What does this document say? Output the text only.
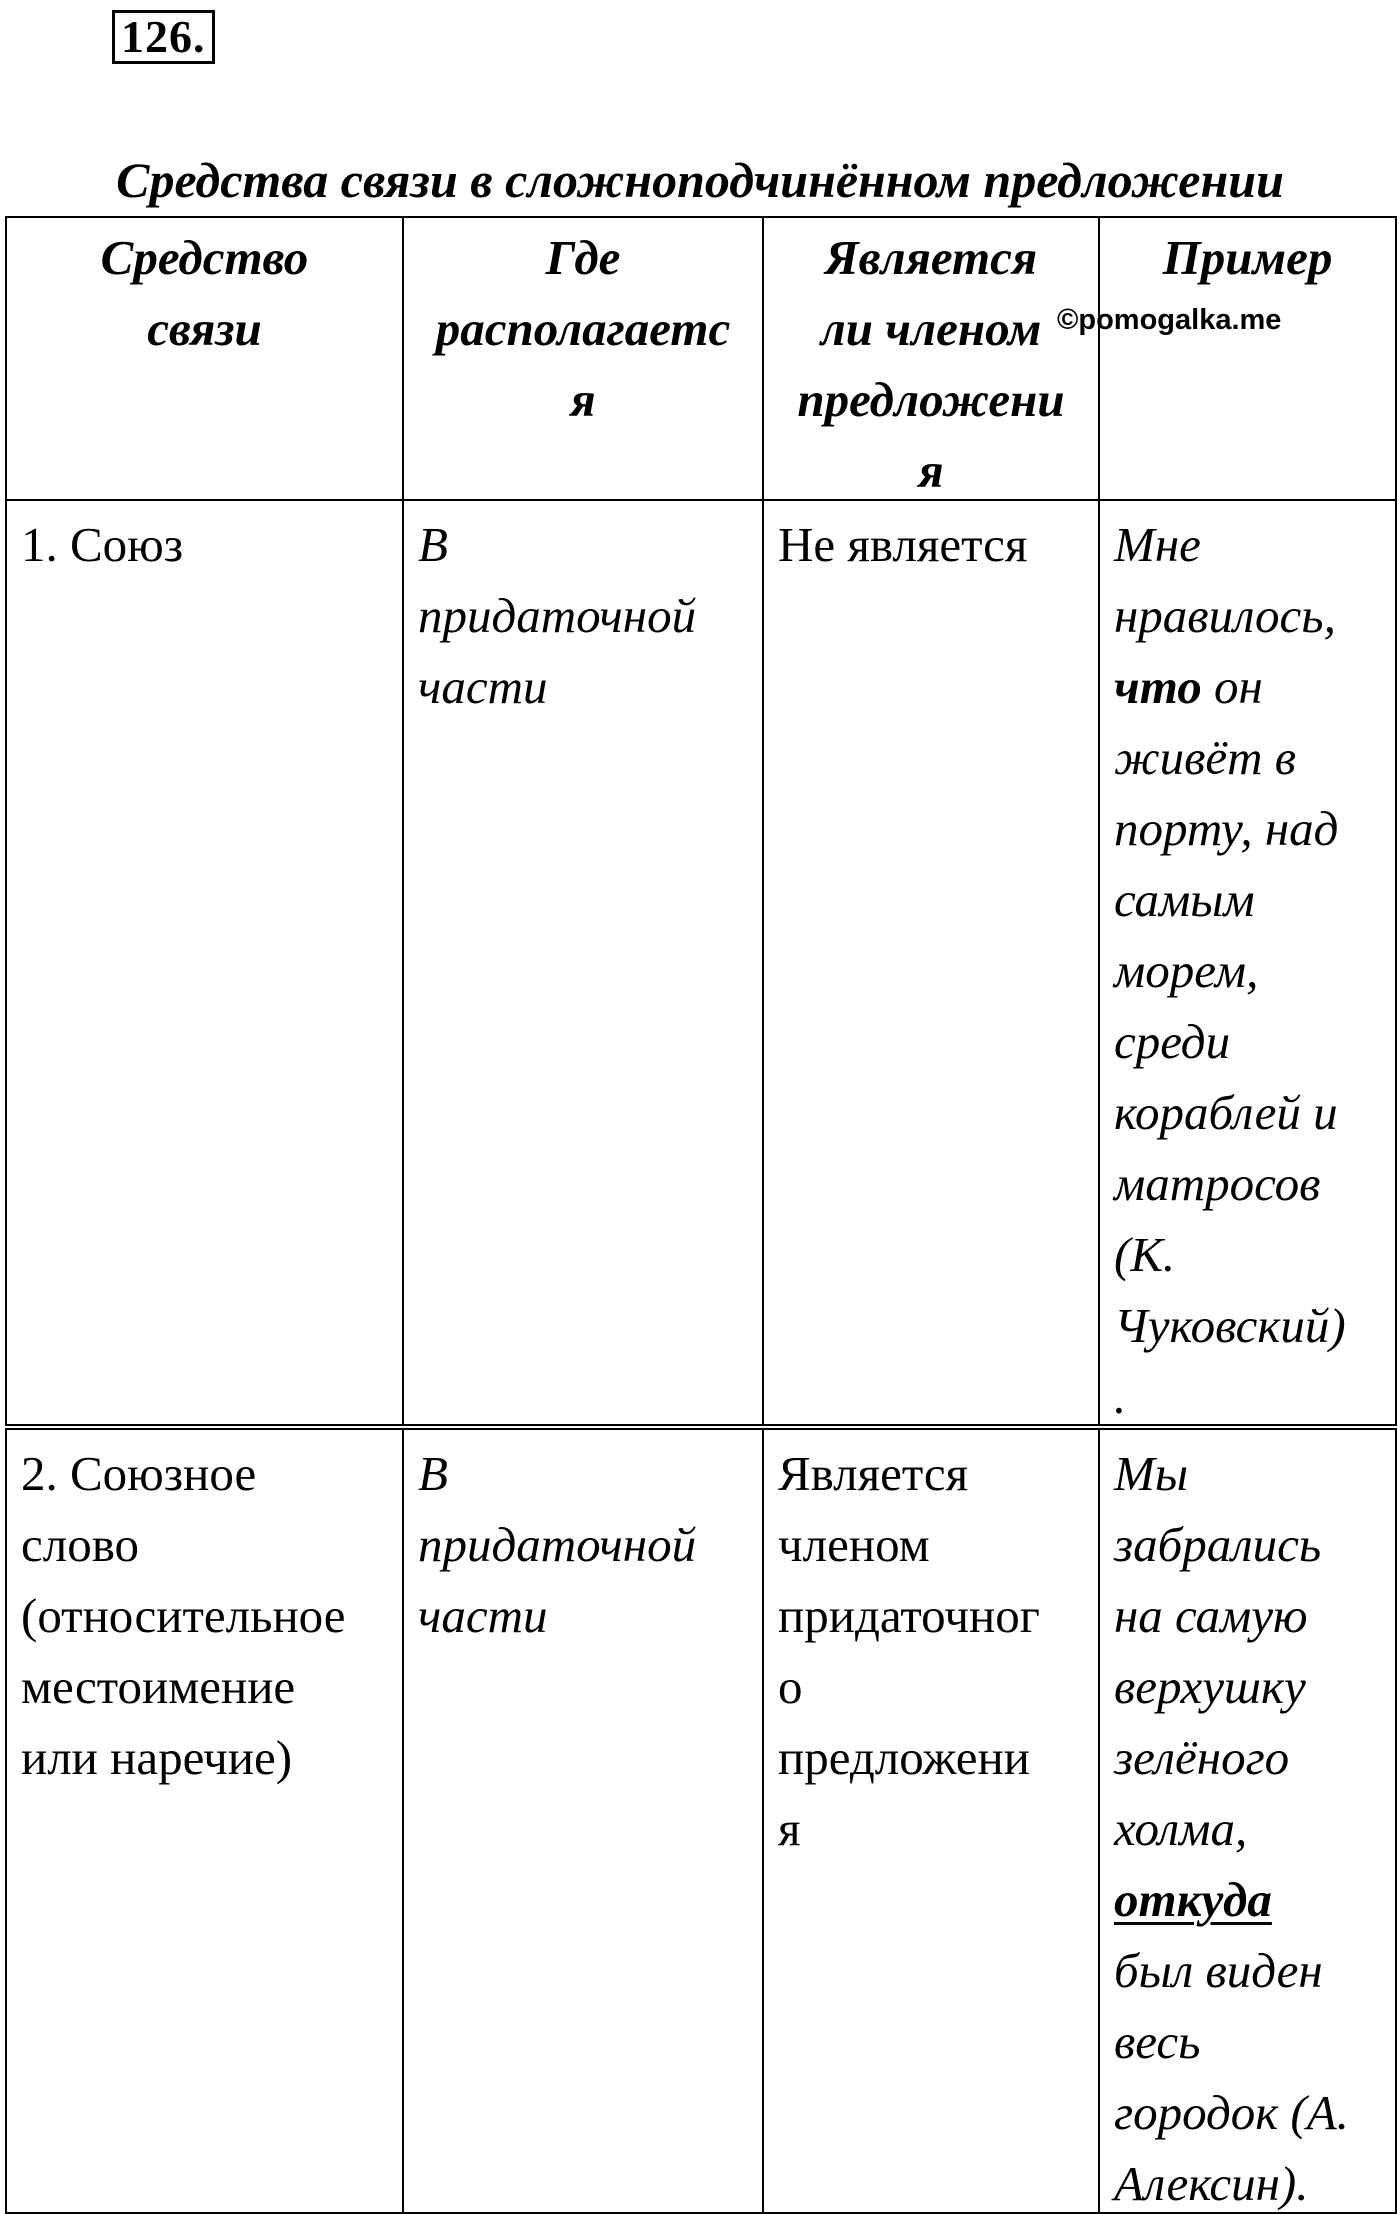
126.
Средства связи в сложноподчинённом предложении
Средство
связи
Где
располагаетс
я
Является
ли членом
предложени
я
Пример
©pomogalka.me
1. Союз	В
придаточной
части
Не является	Мне
нравилось,
что он
живёт в
порту, над
самым
морем,
среди
кораблей и
матросов
(К.
Чуковский)
.
2. Союзное
слово
(относительное
местоимение
или наречие)
В
придаточной
части
Является
членом
придаточног
о
предложени
я
Мы
забрались
на самую
верхушку
зелёного
холма,
откуда
был виден
весь
городок (А.
Алексин).
